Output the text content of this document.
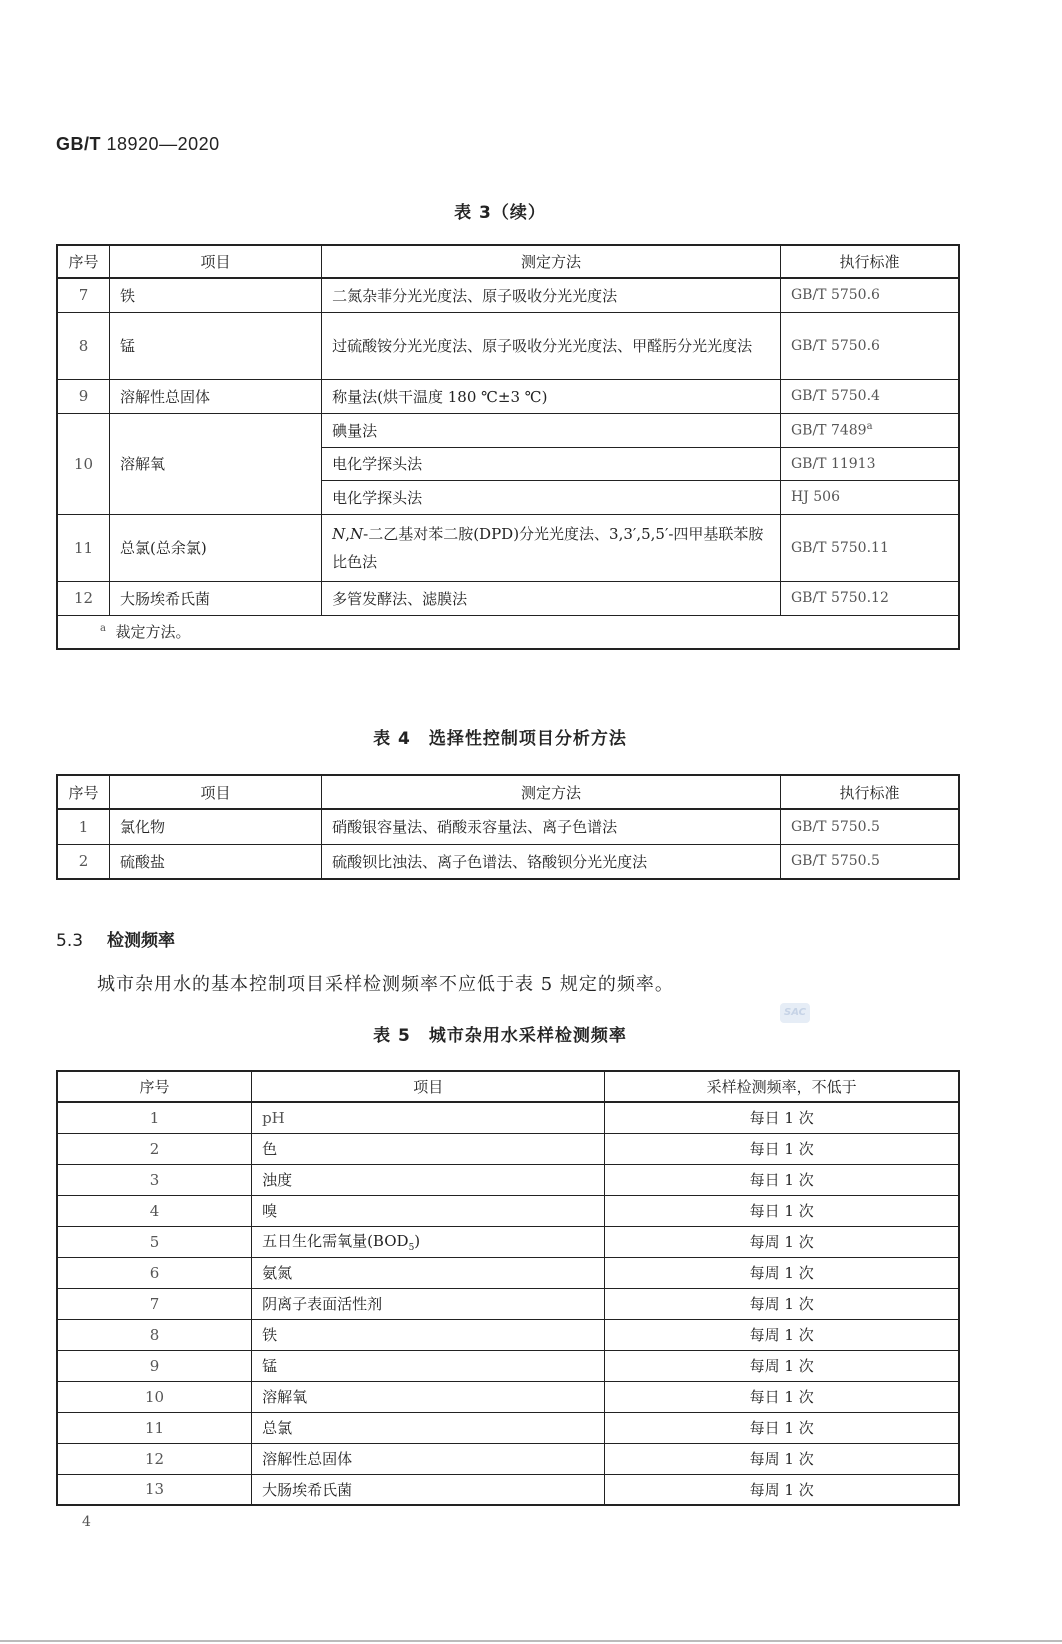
GB/T 18920—2020
表 3（续）
序号	项目	测定方法	执行标准
7	铁	二氮杂菲分光光度法、原子吸收分光光度法	GB/T 5750.6
8	锰	过硫酸铵分光光度法、原子吸收分光光度法、甲醛肟分光光度法	GB/T 5750.6
9	溶解性总固体	称量法(烘干温度 180 ℃±3 ℃)	GB/T 5750.4
10	溶解氧	碘量法	GB/T 7489$^a$
		电化学探头法	GB/T 11913
		电化学探头法	HJ 506
11	总氯(总余氯)	N,N-二乙基对苯二胺(DPD)分光光度法、3,3′,5,5′-四甲基联苯胺比色法	GB/T 5750.11
12	大肠埃希氏菌	多管发酵法、滤膜法	GB/T 5750.12
$^a$ 裁定方法。			
表 4　选择性控制项目分析方法
序号	项目	测定方法	执行标准
1	氯化物	硝酸银容量法、硝酸汞容量法、离子色谱法	GB/T 5750.5
2	硫酸盐	硫酸钡比浊法、离子色谱法、铬酸钡分光光度法	GB/T 5750.5
5.3 检测频率
城市杂用水的基本控制项目采样检测频率不应低于表 5 规定的频率。
SAC
表 5　城市杂用水采样检测频率
序号	项目	采样检测频率，不低于
1	pH	每日 1 次
2	色	每日 1 次
3	浊度	每日 1 次
4	嗅	每日 1 次
5	五日生化需氧量$(BOD_5)$	每周 1 次
6	氨氮	每周 1 次
7	阴离子表面活性剂	每周 1 次
8	铁	每周 1 次
9	锰	每周 1 次
10	溶解氧	每日 1 次
11	总氯	每日 1 次
12	溶解性总固体	每周 1 次
13	大肠埃希氏菌	每周 1 次
4
